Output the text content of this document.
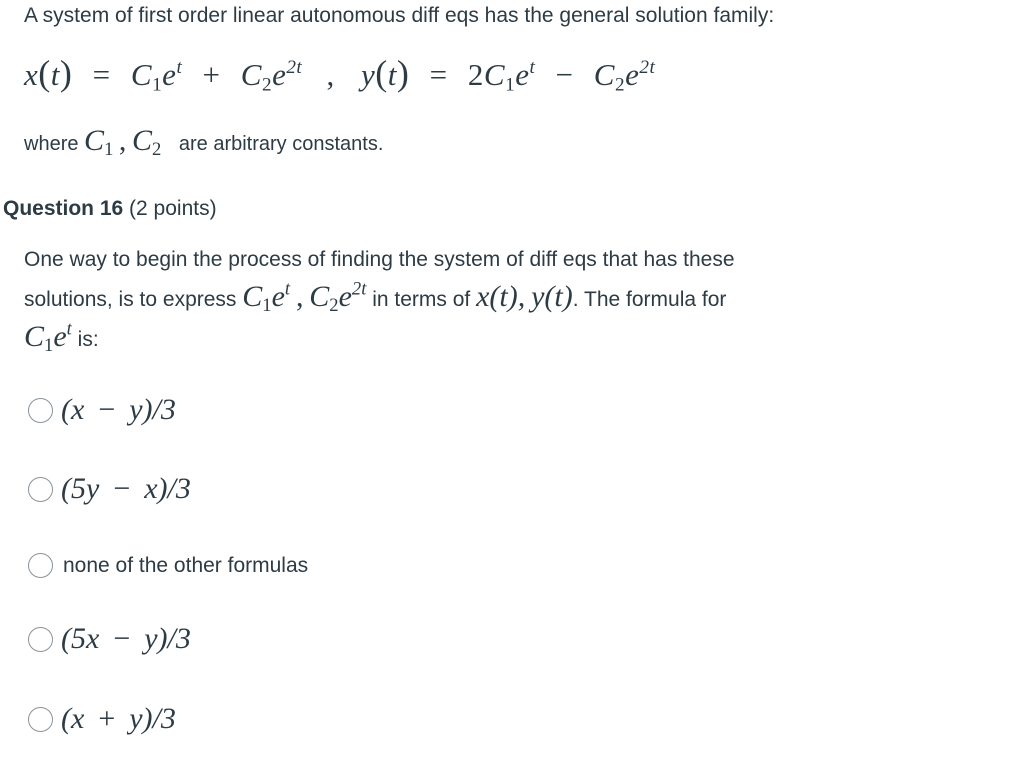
A system of first order linear autonomous diff eqs has the general solution family:
$x(t) = C_1e^t + C_2e^{2t}$ , $y(t) = 2C_1e^t - C_2e^{2t}$
where $C_1$ , $C_2$ are arbitrary constants.
Question 16 (2 points)
One way to begin the process of finding the system of diff eqs that has these
solutions, is to express $C_1e^t$ , $C_2e^{2t}$ in terms of x(t), y(t). The formula for
$C_1e^t$ is:
(x − y)/3
(5y − x)/3
none of the other formulas
(5x − y)/3
(x + y)/3
